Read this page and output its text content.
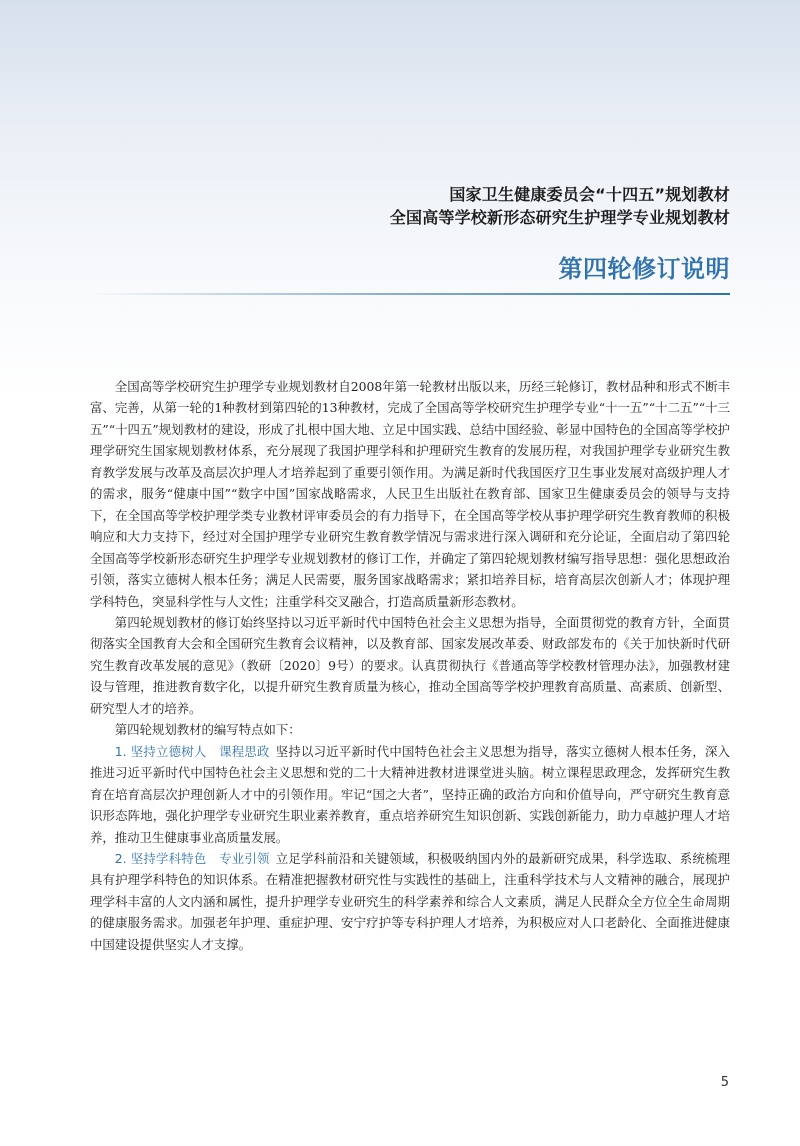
国家卫生健康委员会“十四五”规划教材
全国高等学校新形态研究生护理学专业规划教材
第四轮修订说明

全国高等学校研究生护理学专业规划教材自2008年第一轮教材出版以来，历经三轮修订，教材品种和形式不断丰富、完善，从第一轮的1种教材到第四轮的13种教材，完成了全国高等学校研究生护理学专业“十一五”“十二五”“十三五”“十四五”规划教材的建设，形成了扎根中国大地、立足中国实践、总结中国经验、彰显中国特色的全国高等学校护理学研究生国家规划教材体系，充分展现了我国护理学科和护理研究生教育的发展历程，对我国护理学专业研究生教育教学发展与改革及高层次护理人才培养起到了重要引领作用。为满足新时代我国医疗卫生事业发展对高级护理人才的需求，服务“健康中国”“数字中国”国家战略需求，人民卫生出版社在教育部、国家卫生健康委员会的领导与支持下，在全国高等学校护理学类专业教材评审委员会的有力指导下，在全国高等学校从事护理学研究生教育教师的积极响应和大力支持下，经过对全国护理学专业研究生教育教学情况与需求进行深入调研和充分论证，全面启动了第四轮全国高等学校新形态研究生护理学专业规划教材的修订工作，并确定了第四轮规划教材编写指导思想：强化思想政治引领，落实立德树人根本任务；满足人民需要，服务国家战略需求；紧扣培养目标，培育高层次创新人才；体现护理学科特色，突显科学性与人文性；注重学科交叉融合，打造高质量新形态教材。

第四轮规划教材的修订始终坚持以习近平新时代中国特色社会主义思想为指导，全面贯彻党的教育方针，全面贯彻落实全国教育大会和全国研究生教育会议精神，以及教育部、国家发展改革委、财政部发布的《关于加快新时代研究生教育改革发展的意见》（教研〔2020〕9号）的要求。认真贯彻执行《普通高等学校教材管理办法》，加强教材建设与管理，推进教育数字化，以提升研究生教育质量为核心，推动全国高等学校护理教育高质量、高素质、创新型、研究型人才的培养。

第四轮规划教材的编写特点如下：

1. 坚持立德树人　课程思政 坚持以习近平新时代中国特色社会主义思想为指导，落实立德树人根本任务，深入推进习近平新时代中国特色社会主义思想和党的二十大精神进教材进课堂进头脑。树立课程思政理念，发挥研究生教育在培育高层次护理创新人才中的引领作用。牢记“国之大者”，坚持正确的政治方向和价值导向，严守研究生教育意识形态阵地，强化护理学专业研究生职业素养教育，重点培养研究生知识创新、实践创新能力，助力卓越护理人才培养，推动卫生健康事业高质量发展。

2. 坚持学科特色　专业引领 立足学科前沿和关键领域，积极吸纳国内外的最新研究成果，科学选取、系统梳理具有护理学科特色的知识体系。在精准把握教材研究性与实践性的基础上，注重科学技术与人文精神的融合，展现护理学科丰富的人文内涵和属性，提升护理学专业研究生的科学素养和综合人文素质，满足人民群众全方位全生命周期的健康服务需求。加强老年护理、重症护理、安宁疗护等专科护理人才培养，为积极应对人口老龄化、全面推进健康中国建设提供坚实人才支撑。

5
